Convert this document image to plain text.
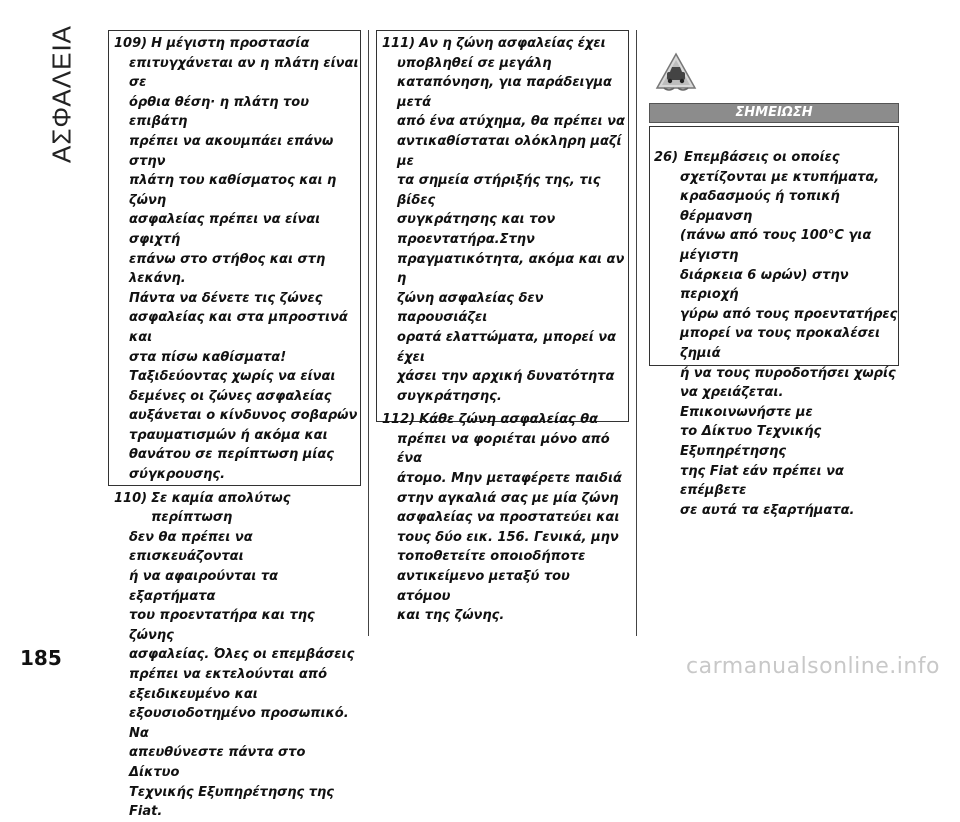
ΑΣΦΑΛΕΙΑ	109) Η μέγιστη προστασία
επιτυγχάνεται αν η πλάτη είναι σε
όρθια θέση· η πλάτη του επιβάτη
πρέπει να ακουμπάει επάνω στην
πλάτη του καθίσματος και η ζώνη
ασφαλείας πρέπει να είναι σφιχτή
επάνω στο στήθος και στη λεκάνη.
Πάντα να δένετε τις ζώνες
ασφαλείας και στα μπροστινά και
στα πίσω καθίσματα!
Ταξιδεύοντας χωρίς να είναι
δεμένες οι ζώνες ασφαλείας
αυξάνεται ο κίνδυνος σοβαρών
τραυματισμών ή ακόμα και
θανάτου σε περίπτωση μίας
σύγκρουσης.
110) Σε καμία απολύτως περίπτωση
δεν θα πρέπει να επισκευάζονται
ή να αφαιρούνται τα εξαρτήματα
του προεντατήρα και της ζώνης
ασφαλείας. Όλες οι επεμβάσεις
πρέπει να εκτελούνται από
εξειδικευμένο και
εξουσιοδοτημένο προσωπικό. Να
απευθύνεστε πάντα στο Δίκτυο
Τεχνικής Εξυπηρέτησης της Fiat.
111) Αν η ζώνη ασφαλείας έχει
υποβληθεί σε μεγάλη
καταπόνηση, για παράδειγμα μετά
από ένα ατύχημα, θα πρέπει να
αντικαθίσταται ολόκληρη μαζί με
τα σημεία στήριξής της, τις βίδες
συγκράτησης και τον
προεντατήρα.Στην
πραγματικότητα, ακόμα και αν η
ζώνη ασφαλείας δεν παρουσιάζει
ορατά ελαττώματα, μπορεί να έχει
χάσει την αρχική δυνατότητα
συγκράτησης.
112) Κάθε ζώνη ασφαλείας θα
πρέπει να φοριέται μόνο από ένα
άτομο. Μην μεταφέρετε παιδιά
στην αγκαλιά σας με μία ζώνη
ασφαλείας να προστατεύει και
τους δύο εικ. 156. Γενικά, μην
τοποθετείτε οποιοδήποτε
αντικείμενο μεταξύ του ατόμου
και της ζώνης.
ΣΗΜΕΙΩΣΗ
26) Επεμβάσεις οι οποίες
σχετίζονται με κτυπήματα,
κραδασμούς ή τοπική θέρμανση
(πάνω από τους 100°C για μέγιστη
διάρκεια 6 ωρών) στην περιοχή
γύρω από τους προεντατήρες
μπορεί να τους προκαλέσει ζημιά
ή να τους πυροδοτήσει χωρίς
να χρειάζεται. Επικοινωνήστε με
το Δίκτυο Τεχνικής Εξυπηρέτησης
της Fiat εάν πρέπει να επέμβετε
σε αυτά τα εξαρτήματα.
185	carmanualsonline.info
